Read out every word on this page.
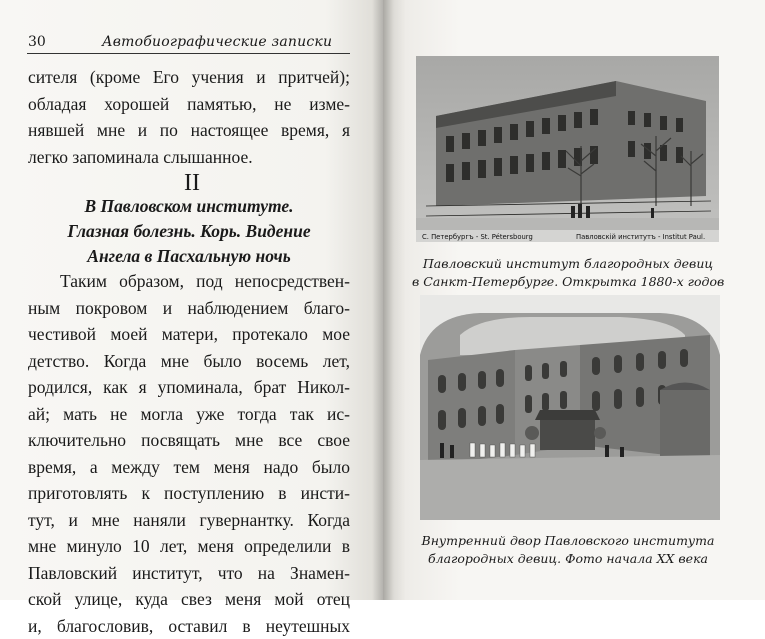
30	Автобиографические записки
сителя (кроме Его учения и притчей);
обладая хорошей памятью, не изме-
нявшей мне и по настоящее время, я
легко запоминала слышанное.
II
В Павловском институте.
Глазная болезнь. Корь. Видение
Ангела в Пасхальную ночь
Таким образом, под непосредствен-
ным покровом и наблюдением благо-
честивой моей матери, протекало мое
детство. Когда мне было восемь лет,
родился, как я упоминала, брат Никол-
ай; мать не могла уже тогда так ис-
ключительно посвящать мне все свое
время, а между тем меня надо было
приготовлять к поступлению в инсти-
тут, и мне наняли гувернантку. Когда
мне минуло 10 лет, меня определили в
Павловский институт, что на Знамен-
ской улице, куда свез меня мой отец
и, благословив, оставил в неутешных
С. Петербургъ - St. Pétersbourg	Павловскiй институтъ - Institut Paul.
Павловский институт благородных девиц
в Санкт-Петербурге. Открытка 1880-х годов
Внутренний двор Павловского института
благородных девиц. Фото начала XX века
